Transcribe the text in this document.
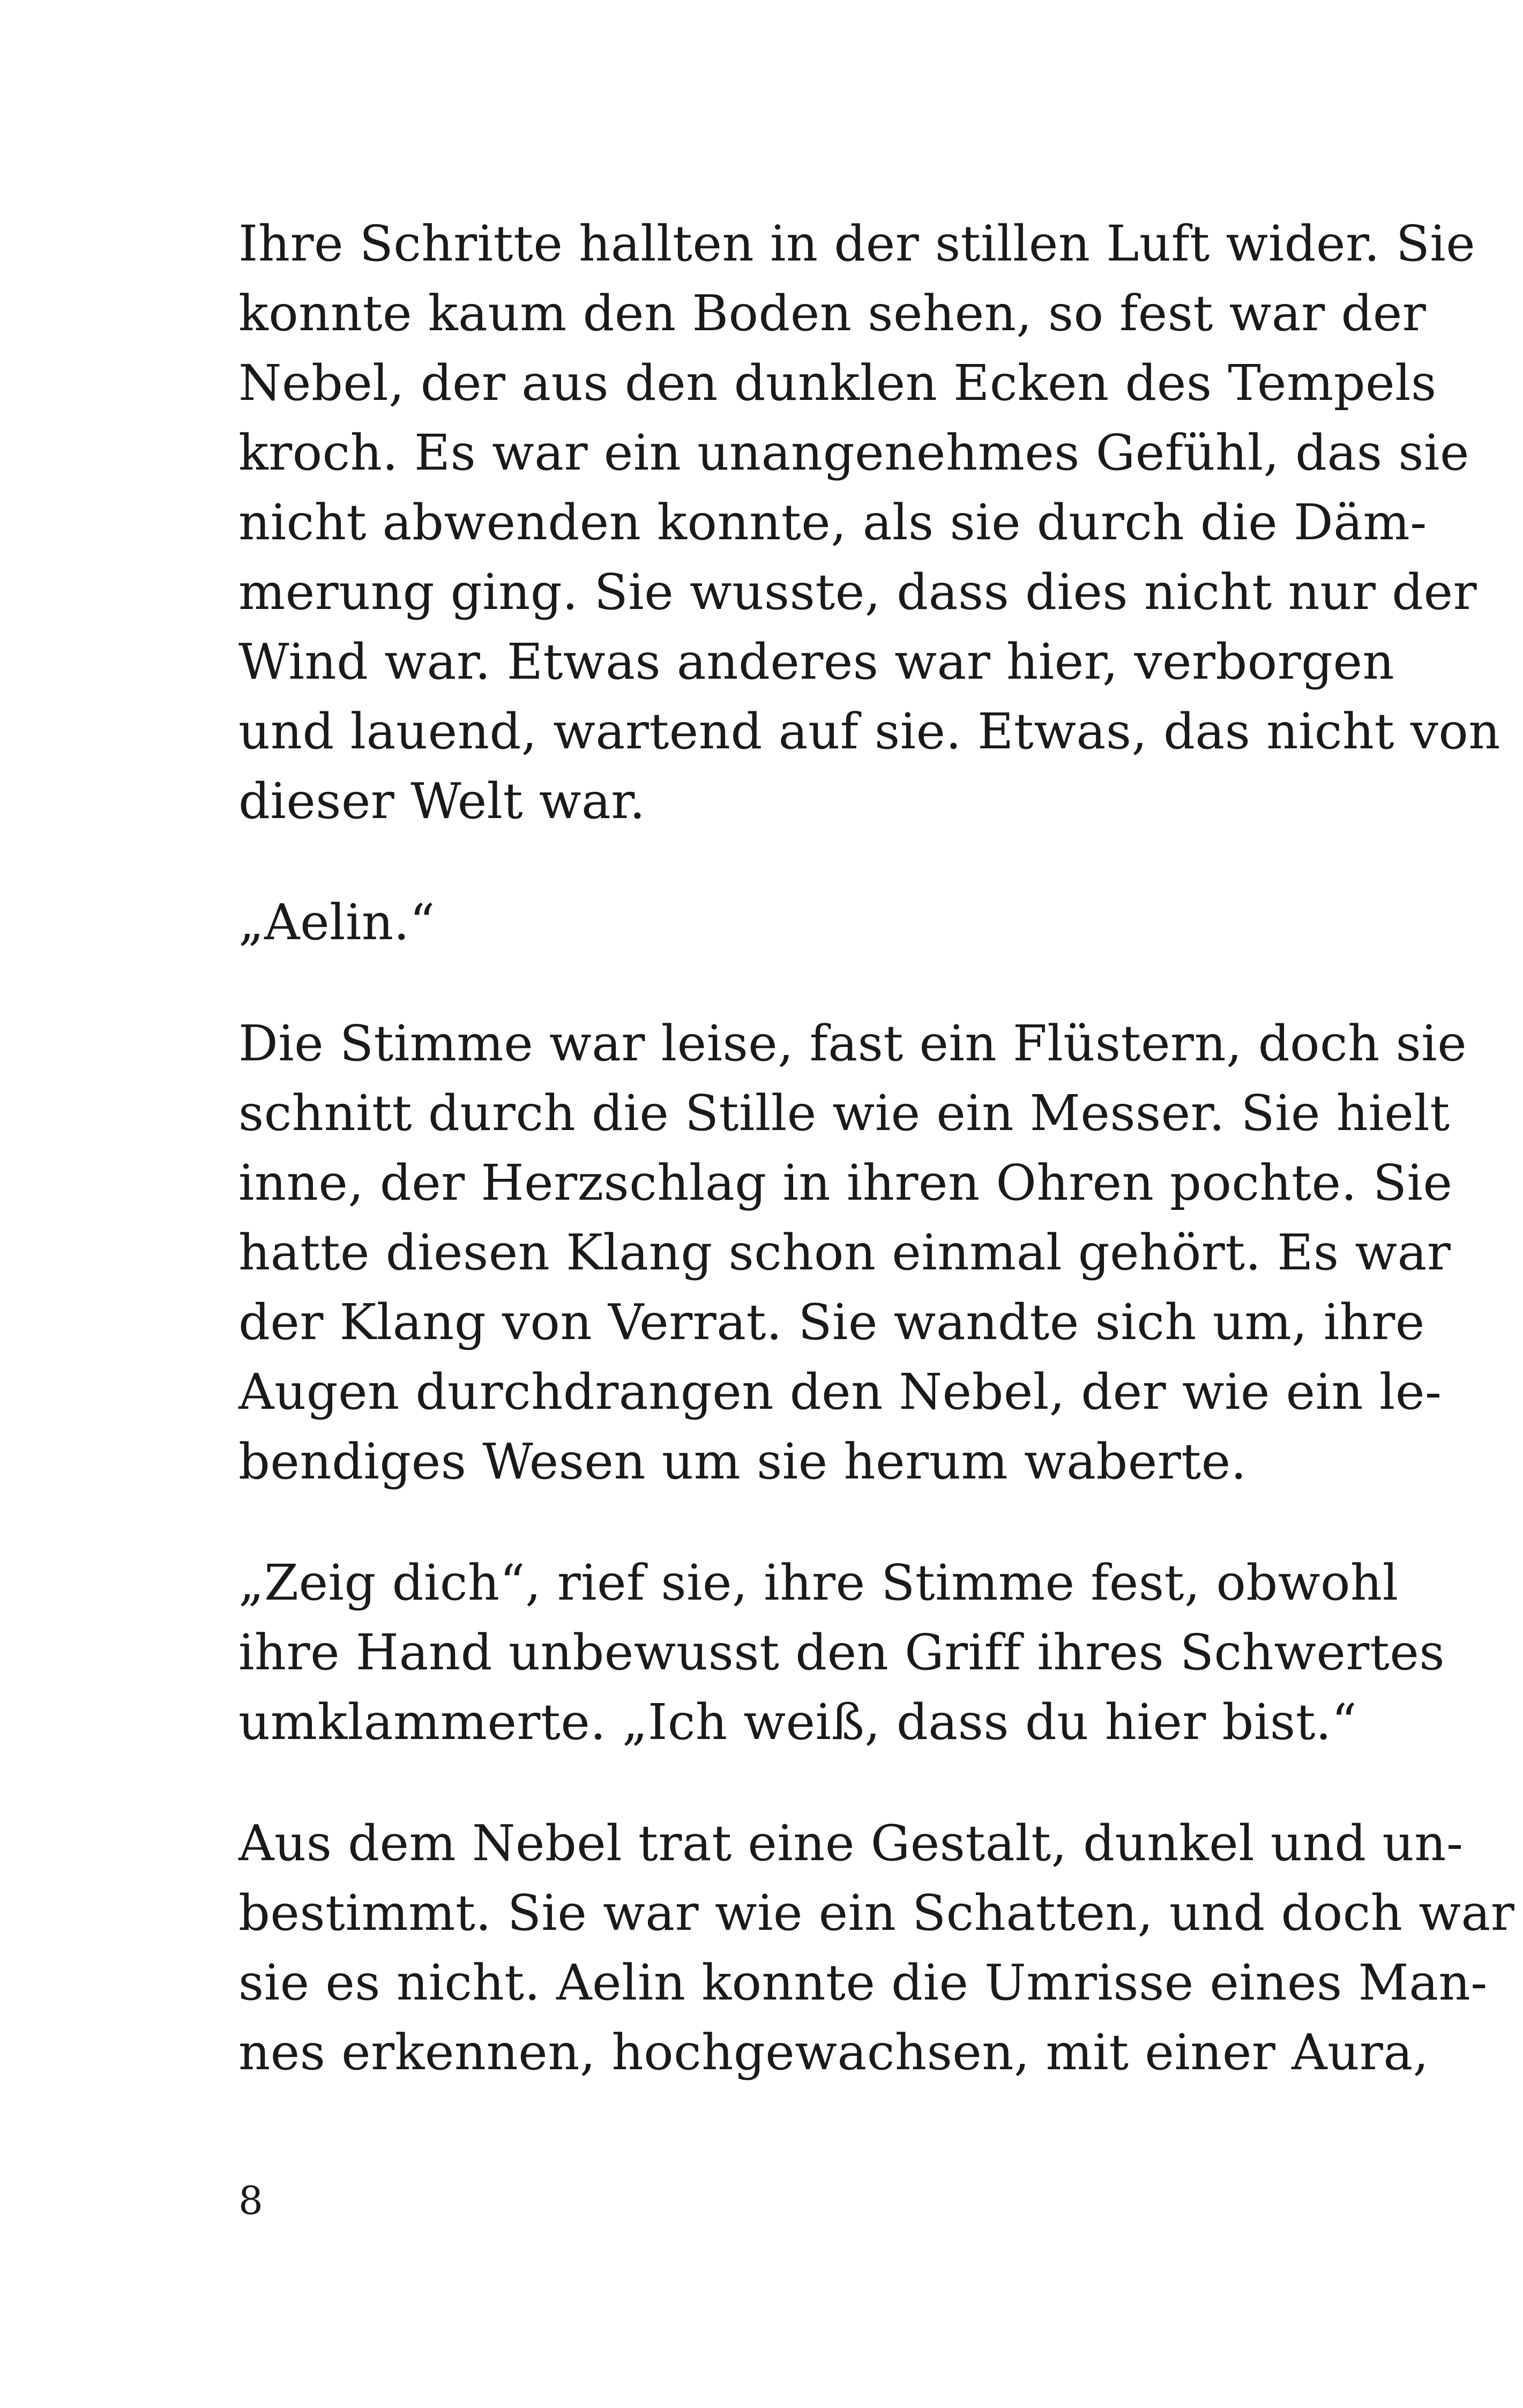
Ihre Schritte hallten in der stillen Luft wider. Sie
konnte kaum den Boden sehen, so fest war der
Nebel, der aus den dunklen Ecken des Tempels
kroch. Es war ein unangenehmes Gefühl, das sie
nicht abwenden konnte, als sie durch die Däm-
merung ging. Sie wusste, dass dies nicht nur der
Wind war. Etwas anderes war hier, verborgen
und lauend, wartend auf sie. Etwas, das nicht von
dieser Welt war.

„Aelin.“

Die Stimme war leise, fast ein Flüstern, doch sie
schnitt durch die Stille wie ein Messer. Sie hielt
inne, der Herzschlag in ihren Ohren pochte. Sie
hatte diesen Klang schon einmal gehört. Es war
der Klang von Verrat. Sie wandte sich um, ihre
Augen durchdrangen den Nebel, der wie ein le-
bendiges Wesen um sie herum waberte.

„Zeig dich“, rief sie, ihre Stimme fest, obwohl
ihre Hand unbewusst den Griff ihres Schwertes
umklammerte. „Ich weiß, dass du hier bist.“

Aus dem Nebel trat eine Gestalt, dunkel und un-
bestimmt. Sie war wie ein Schatten, und doch war
sie es nicht. Aelin konnte die Umrisse eines Man-
nes erkennen, hochgewachsen, mit einer Aura,

8
